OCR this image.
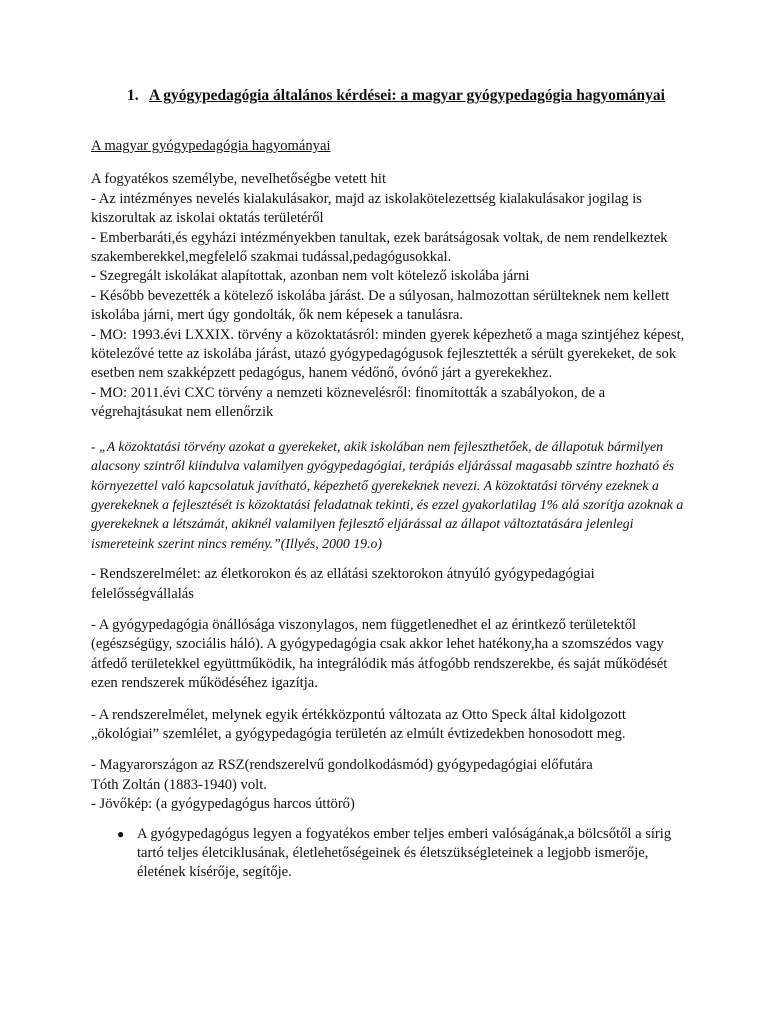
1. A gyógypedagógia általános kérdései: a magyar gyógypedagógia hagyományai
A magyar gyógypedagógia hagyományai
A fogyatékos személybe, nevelhetőségbe vetett hit
- Az intézményes nevelés kialakulásakor, majd az iskolakötelezettség kialakulásakor jogilag is kiszorultak az iskolai oktatás területéről
- Emberbaráti,és egyházi intézményekben tanultak, ezek barátságosak voltak, de nem rendelkeztek szakemberekkel,megfelelő szakmai tudással,pedagógusokkal.
- Szegregált iskolákat alapítottak, azonban nem volt kötelező iskolába járni
- Később bevezették a kötelező iskolába járást. De a súlyosan, halmozottan sérülteknek nem kellett iskolába járni, mert úgy gondolták, ők nem képesek a tanulásra.
- MO: 1993.évi LXXIX. törvény a közoktatásról: minden gyerek képezhető a maga szintjéhez képest, kötelezővé tette az iskolába járást, utazó gyógypedagógusok fejlesztették a sérült gyerekeket, de sok esetben nem szakképzett pedagógus, hanem védőnő, óvónő járt a gyerekekhez.
- MO: 2011.évi CXC törvény a nemzeti köznevelésről: finomították a szabályokon, de a végrehajtásukat nem ellenőrzik
- „A közoktatási törvény azokat a gyerekeket, akik iskolában nem fejleszthetőek, de állapotuk bármilyen alacsony szintről kiindulva valamilyen gyógypedagógiai, terápiás eljárással magasabb szintre hozható és környezettel való kapcsolatuk javítható, képezhető gyerekeknek nevezi. A közoktatási törvény ezeknek a gyerekeknek a fejlesztését is közoktatási feladatnak tekinti, és ezzel gyakorlatilag 1% alá szorítja azoknak a gyerekeknek a létszámát, akiknél valamilyen fejlesztő eljárással az állapot változtatására jelenlegi ismereteink szerint nincs remény.”(Illyés, 2000 19.o)
- Rendszerelmélet: az életkorokon és az ellátási szektorokon átnyúló gyógypedagógiai felelősségvállalás
- A gyógypedagógia önállósága viszonylagos, nem függetlenedhet el az érintkező területektől (egészségügy, szociális háló). A gyógypedagógia csak akkor lehet hatékony,ha a szomszédos vagy átfedő területekkel együttműködik, ha integrálódik más átfogóbb rendszerekbe, és saját működését ezen rendszerek működéséhez igazítja.
- A rendszerelmélet, melynek egyik értékközpontú változata az Otto Speck által kidolgozott „ökológiai” szemlélet, a gyógypedagógia területén az elmúlt évtizedekben honosodott meg.
- Magyarországon az RSZ(rendszerelvű gondolkodásmód) gyógypedagógiai előfutára
Tóth Zoltán (1883-1940) volt.
- Jövőkép: (a gyógypedagógus harcos úttörő)
● A gyógypedagógus legyen a fogyatékos ember teljes emberi valóságának,a bölcsőtől a sírig tartó teljes életciklusának, életlehetőségeinek és életszükségleteinek a legjobb ismerője, életének kísérője, segítője.
